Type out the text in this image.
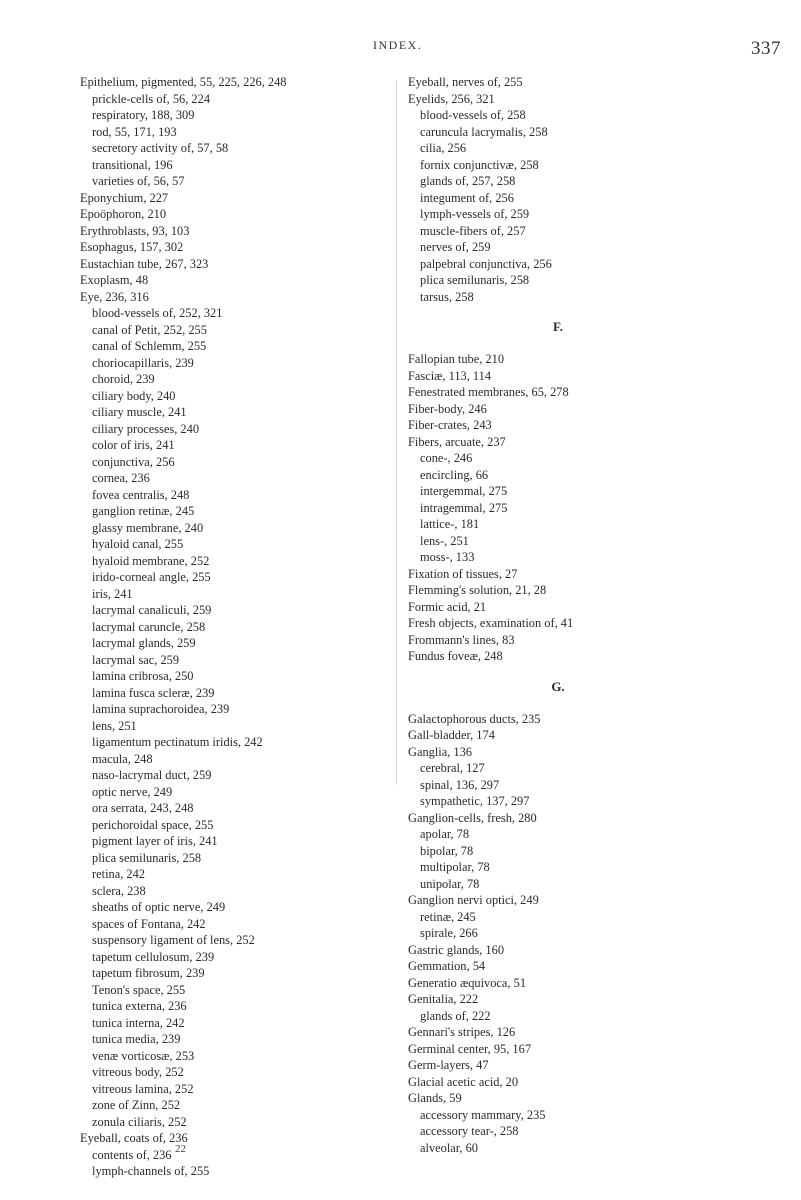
INDEX.	337
Epithelium, pigmented, 55, 225, 226, 248
prickle-cells of, 56, 224
respiratory, 188, 309
rod, 55, 171, 193
secretory activity of, 57, 58
transitional, 196
varieties of, 56, 57
Eponychium, 227
Epoöphoron, 210
Erythroblasts, 93, 103
Esophagus, 157, 302
Eustachian tube, 267, 323
Exoplasm, 48
Eye, 236, 316
blood-vessels of, 252, 321
canal of Petit, 252, 255
canal of Schlemm, 255
choriocapillaris, 239
choroid, 239
ciliary body, 240
ciliary muscle, 241
ciliary processes, 240
color of iris, 241
conjunctiva, 256
cornea, 236
fovea centralis, 248
ganglion retinæ, 245
glassy membrane, 240
hyaloid canal, 255
hyaloid membrane, 252
irido-corneal angle, 255
iris, 241
lacrymal canaliculi, 259
lacrymal caruncle, 258
lacrymal glands, 259
lacrymal sac, 259
lamina cribrosa, 250
lamina fusca scleræ, 239
lamina suprachoroidea, 239
lens, 251
ligamentum pectinatum iridis, 242
macula, 248
naso-lacrymal duct, 259
optic nerve, 249
ora serrata, 243, 248
perichoroidal space, 255
pigment layer of iris, 241
plica semilunaris, 258
retina, 242
sclera, 238
sheaths of optic nerve, 249
spaces of Fontana, 242
suspensory ligament of lens, 252
tapetum cellulosum, 239
tapetum fibrosum, 239
Tenon's space, 255
tunica externa, 236
tunica interna, 242
tunica media, 239
venæ vorticosæ, 253
vitreous body, 252
vitreous lamina, 252
zone of Zinn, 252
zonula ciliaris, 252
Eyeball, coats of, 236
contents of, 236
lymph-channels of, 255
Eyeball, nerves of, 255
Eyelids, 256, 321
blood-vessels of, 258
caruncula lacrymalis, 258
cilia, 256
fornix conjunctivæ, 258
glands of, 257, 258
integument of, 256
lymph-vessels of, 259
muscle-fibers of, 257
nerves of, 259
palpebral conjunctiva, 256
plica semilunaris, 258
tarsus, 258
F.
Fallopian tube, 210
Fasciæ, 113, 114
Fenestrated membranes, 65, 278
Fiber-body, 246
Fiber-crates, 243
Fibers, arcuate, 237
cone-, 246
encircling, 66
intergemmal, 275
intragemmal, 275
lattice-, 181
lens-, 251
moss-, 133
Fixation of tissues, 27
Flemming's solution, 21, 28
Formic acid, 21
Fresh objects, examination of, 41
Frommann's lines, 83
Fundus foveæ, 248
G.
Galactophorous ducts, 235
Gall-bladder, 174
Ganglia, 136
cerebral, 127
spinal, 136, 297
sympathetic, 137, 297
Ganglion-cells, fresh, 280
apolar, 78
bipolar, 78
multipolar, 78
unipolar, 78
Ganglion nervi optici, 249
retinæ, 245
spirale, 266
Gastric glands, 160
Gemmation, 54
Generatio æquivoca, 51
Genitalia, 222
glands of, 222
Gennari's stripes, 126
Germinal center, 95, 167
Germ-layers, 47
Glacial acetic acid, 20
Glands, 59
accessory mammary, 235
accessory tear-, 258
alveolar, 60
22
